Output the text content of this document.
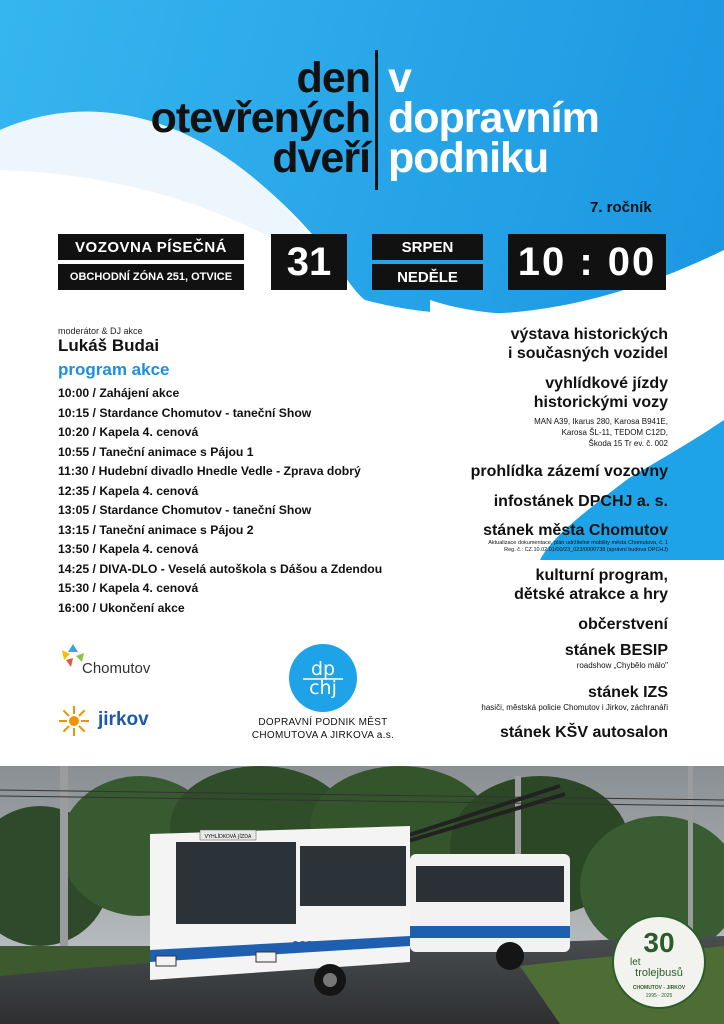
den
otevřených
dveří
v
dopravním
podniku
7. ročník
VOZOVNA PÍSEČNÁ
OBCHODNÍ ZÓNA 251, OTVICE	31	SRPEN
NEDĚLE	10 : 00
moderátor & DJ akce
Lukáš Budai
program akce
10:00 / Zahájení akce
10:15 / Stardance Chomutov - taneční Show
10:20 / Kapela 4. cenová
10:55 / Taneční animace s Pájou 1
11:30 / Hudební divadlo Hnedle Vedle - Zprava dobrý
12:35 / Kapela 4. cenová
13:05 / Stardance Chomutov - taneční Show
13:15 / Taneční animace s Pájou 2
13:50 / Kapela 4. cenová
14:25 / DIVA-DLO - Veselá autoškola s Dášou a Zdendou
15:30 / Kapela 4. cenová
16:00 / Ukončení akce
výstava historických
i současných vozidel
vyhlídkové jízdy
historickými vozy
MAN A39, Ikarus 280, Karosa B941E,
Karosa ŠL-11, TEDOM C12D,
Škoda 15 Tr ev. č. 002
prohlídka zázemí vozovny
infostánek DPCHJ a. s.
stánek města Chomutov
Aktualizace dokumentace, plán udržitelné mobility města Chomutova, č. 1
Reg. č.: CZ.10.02.01/00/23_023/0000738 (správní budova DPCHJ)
kulturní program,
dětské atrakce a hry
občerstvení
stánek BESIP
roadshow „Chybělo málo"
stánek IZS
hasiči, městská policie Chomutov i Jirkov, záchranáři
stánek KŠV autosalon
Chomutov
jirkov
dp
chj
DOPRAVNÍ PODNIK MĚST
CHOMUTOVA A JIRKOVA a.s.
VYHLÍDKOVÁ JÍZDA
008	30
let
trolejbusů
CHOMUTOV - JIRKOV
1995 - 2025
